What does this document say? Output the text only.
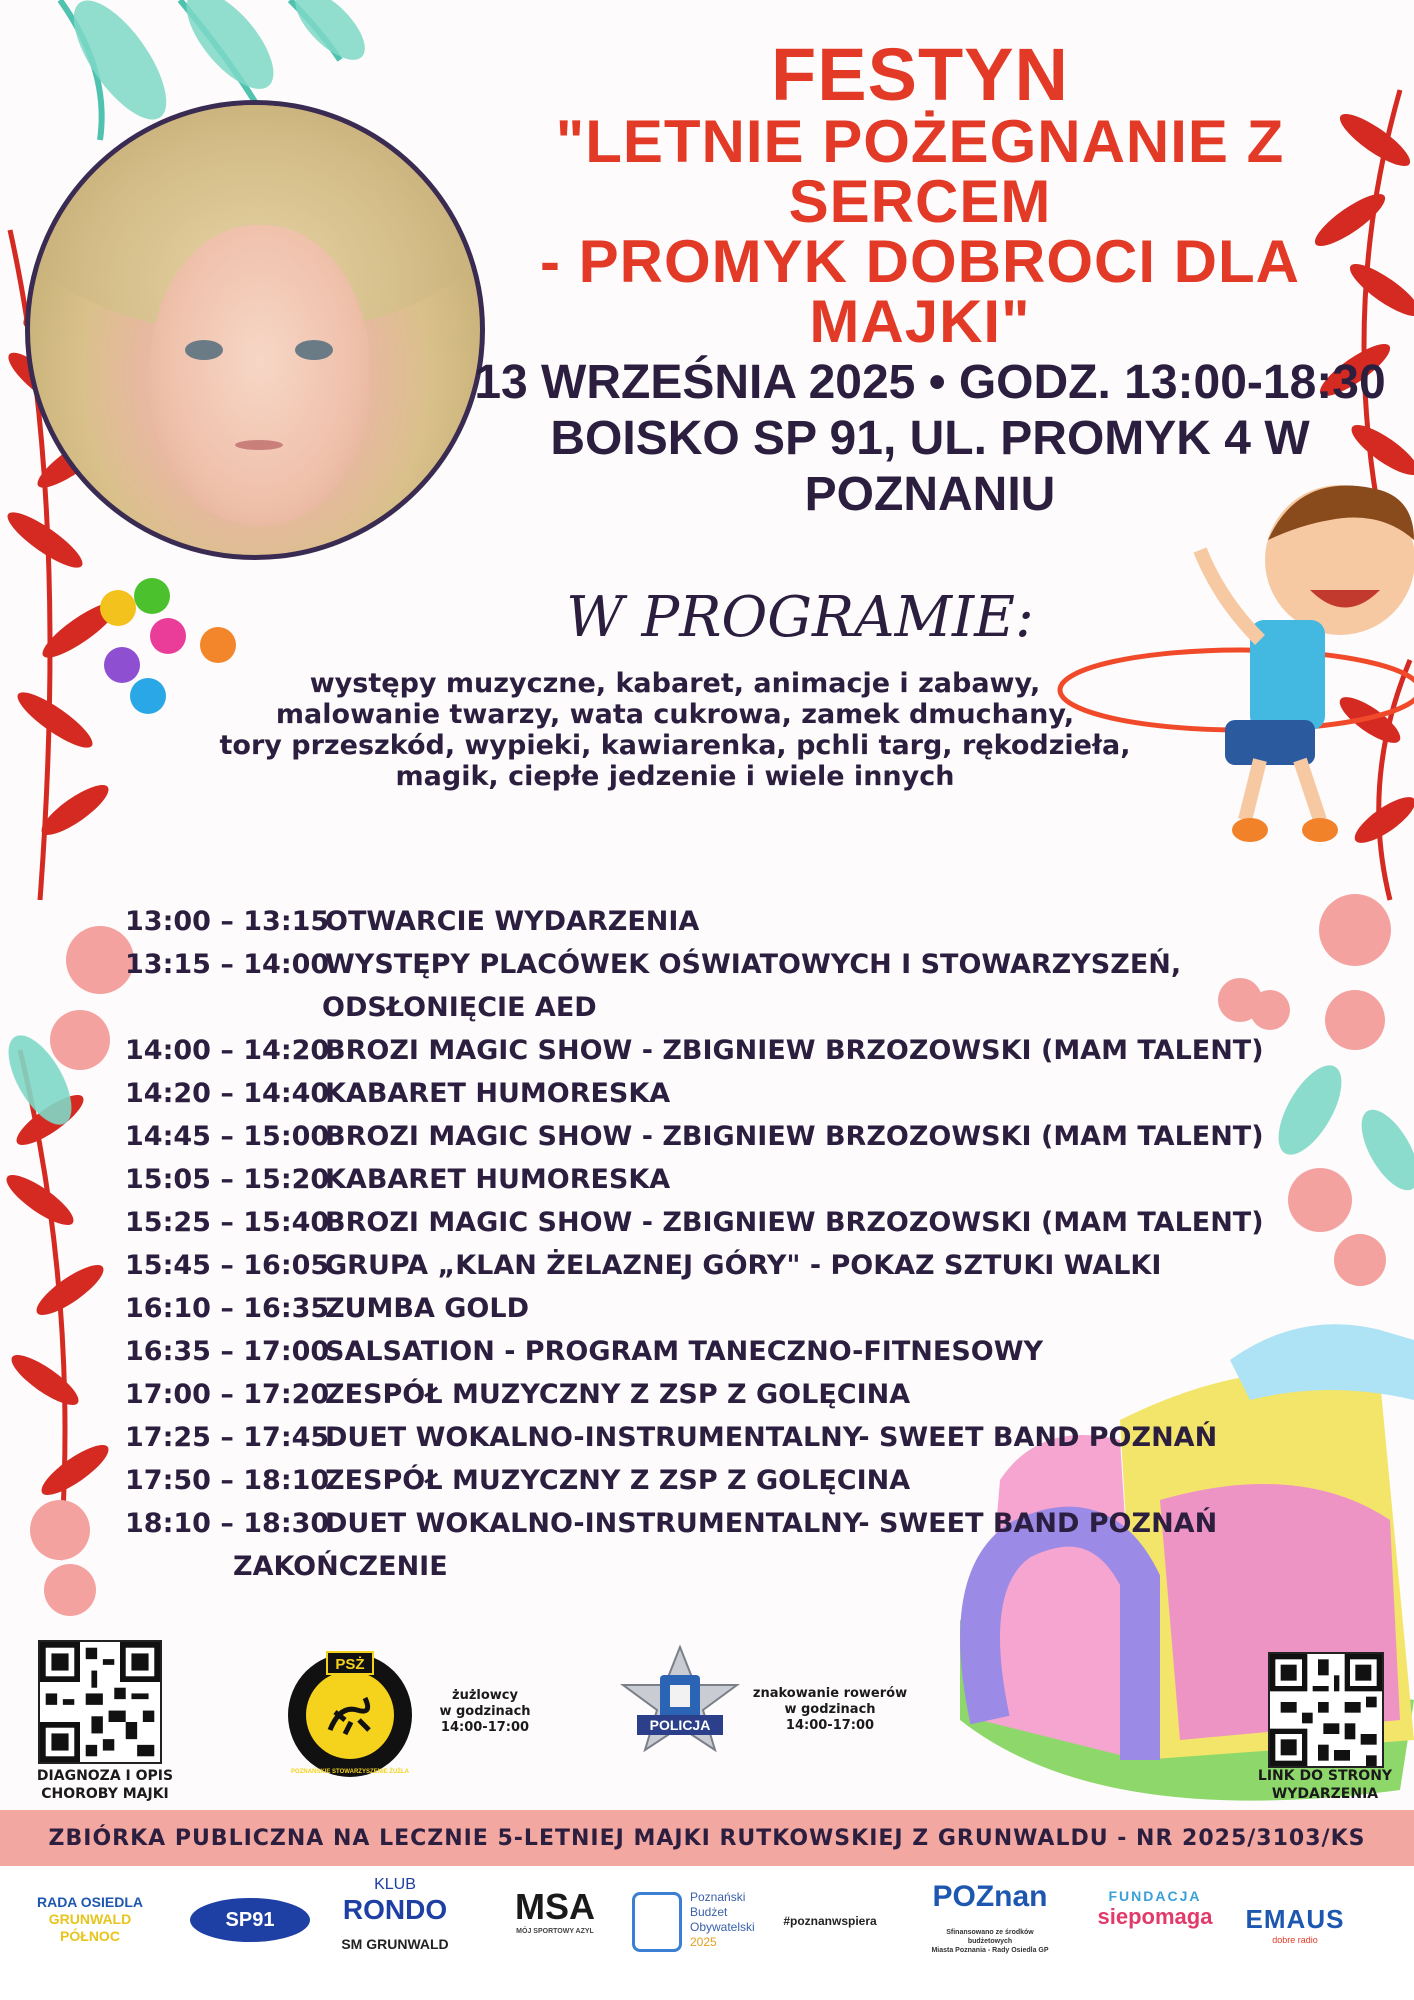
FESTYN
"LETNIE POŻEGNANIE Z SERCEM
- PROMYK DOBROCI DLA MAJKI"
13 WRZEŚNIA 2025 • GODZ. 13:00-18:30
BOISKO SP 91, UL. PROMYK 4 W POZNANIU
W PROGRAMIE:
występy muzyczne, kabaret, animacje i zabawy,
malowanie twarzy, wata cukrowa, zamek dmuchany,
tory przeszkód, wypieki, kawiarenka, pchli targ, rękodzieła,
magik, ciepłe jedzenie i wiele innych
13:00 – 13:15
OTWARCIE WYDARZENIA
13:15 – 14:00
WYSTĘPY PLACÓWEK OŚWIATOWYCH I STOWARZYSZEŃ,
ODSŁONIĘCIE AED
14:00 – 14:20
BROZI MAGIC SHOW - ZBIGNIEW BRZOZOWSKI (MAM TALENT)
14:20 – 14:40
KABARET HUMORESKA
14:45 – 15:00
BROZI MAGIC SHOW - ZBIGNIEW BRZOZOWSKI (MAM TALENT)
15:05 – 15:20
KABARET HUMORESKA
15:25 – 15:40
BROZI MAGIC SHOW - ZBIGNIEW BRZOZOWSKI (MAM TALENT)
15:45 – 16:05
GRUPA „KLAN ŻELAZNEJ GÓRY" - POKAZ SZTUKI WALKI
16:10 – 16:35
ZUMBA GOLD
16:35 – 17:00
SALSATION - PROGRAM TANECZNO-FITNESOWY
17:00 – 17:20
ZESPÓŁ MUZYCZNY Z ZSP Z GOLĘCINA
17:25 – 17:45
DUET WOKALNO-INSTRUMENTALNY- SWEET BAND POZNAŃ
17:50 – 18:10
ZESPÓŁ MUZYCZNY Z ZSP Z GOLĘCINA
18:10 – 18:30
DUET WOKALNO-INSTRUMENTALNY- SWEET BAND POZNAŃ
ZAKOŃCZENIE
DIAGNOZA I OPIS
CHOROBY MAJKI
PSŻ
POZNAŃSKIE STOWARZYSZENIE ŻUŻLA
żużlowcy
w godzinach
14:00-17:00	POLICJA
znakowanie rowerów
w godzinach
14:00-17:00
LINK DO STRONY
WYDARZENIA
ZBIÓRKA PUBLICZNA NA LECZNIE 5-LETNIEJ MAJKI RUTKOWSKIEJ Z GRUNWALDU - NR 2025/3103/KS
RADA OSIEDLA
GRUNWALD
PÓŁNOC
SP91
KLUB
RONDO
SM GRUNWALD
MSA
MÓJ SPORTOWY AZYL
Poznański
Budżet
Obywatelski
2025
#poznanwspiera
POZnan
Sfinansowano ze środków
budżetowych
Miasta Poznania - Rady Osiedla GP
FUNDACJA
siepomaga EMAUS
dobre radio
